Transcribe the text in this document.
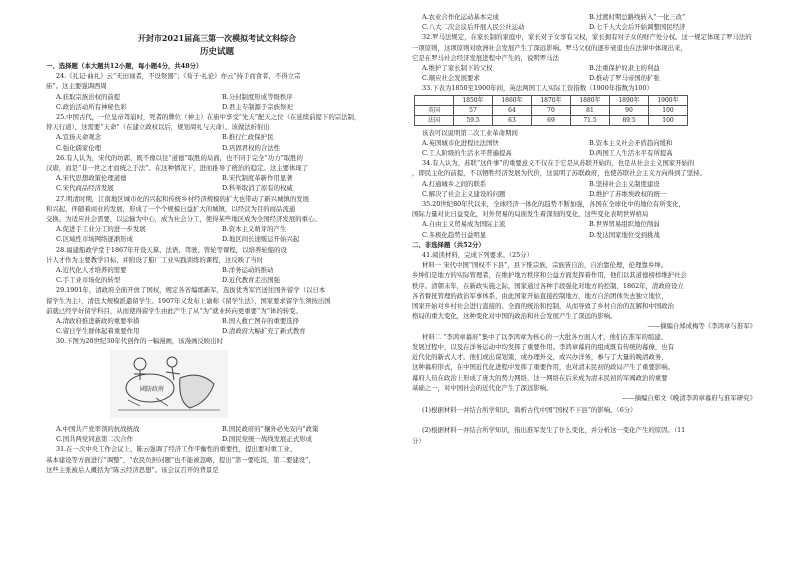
开封市2021届高三第一次模拟考试文科综合

历史试题

一、选择题（本大题共12小题，每小题4分，共48分）

24.《礼记·曲礼》云“无田禄者，不设祭器”；《荀子·礼论》亦云“持手而食者，不得立宗

庙”。这主要强调西周

A.获取宗族治权的前提	B.分封制度形成等级秩序
C.政治活动所有神秘色彩	D.君主专制源于宗族祭祀

25.中国古代，一位皇帝驾崩时，死者的牌位（神主）在庙中享受“先天”配天之位（在延续前提下的宗法制，

替天行道），这需要“天命”（在建立政权以后，规划周礼与天命），该做法折射出

A.宣扬天命观念	B.推行仁政保护民
C.强化儒家伦理	D.巩固君权的合法性

26.有人认为，宋代的坊郭，既不像以往“道德”取胜的局面，也不同于完全“功力”取胜的

汉唐，而是“非一世之才而统之于法”。在这种情况下，进而推导了统治的稳定。这主要体现了

A.宋代思想政策伦理道德	B.宋代制度革新作用显著
C.宋代商品经济发展	D.科举取消了原有的权威

27.明清时期，江南地区城市化的兴起和传统乡村经济规模的扩大也带动了新兴城镇的发展

和兴起，伴随着商业的发展，形成了一个个规模日益扩大的城镇，以经营为目的商品流通

交换。为适应社会需要，以运输为中心，成为社会分工，使得某些地区成为全国经济发展的重心。

A.促进手工业分工的进一步发展	B.资本主义萌芽的产生
C.区域性市场网络逐渐形成	D.地区间长途贩运开始兴起

28.福建船政学堂于1867年开设天算、法语、驾驶、管轮等课程，以培养轮船的设

计人才作为主要教学目标，并附设了船厂工业实践训练的课程，这反映了当时

A.近代化人才培养的需要	B.洋务运动的推动
C.手工业市场化的转型	D.近代教育走出国强

29.1901年，清政府全面开放了国权，规定各省编练新军，选拔优秀军官送往国外留学（以日本

留学生为主），清廷大规模派遣留学生。1907年又发布上谕称《留学生法》，国家要求留学生须按出国

前就已经学好留学科目，从而使得留学生由此产生了从“为”就业转向更重要“为”体的转变。

A.清政府推进新政的重要举措	B.国人救亡图存的重要选择
C.留日学生群体起着重要作用	D.清政府大幅扩充了新式教育

30.下图为20世纪30年代创作的一幅漫画，该漫画反映出时

國防政府
A.中国共产党率领的抗战统战	B.国民政府的“攘外必先安内”政策
C.国共两党同意第二次合作	D.国民党统一战线发展正式形成

31.在一次中央工作会议上，陈云强调了经济工作平衡性的重要性，提出要对重工业、

基本建设等方面进行“调整”，“农民负担问题”也不能被忽略，提出“第一要吃饭，第二要建设”，

这些主张被后人概括为“陈云经济思想”。该会议召开的背景是

A.农业合作化运动基本完成	B.过渡时期总路线转入“一化三改”
C.八大二次会议后开展人民公社运动	D.七千人大会后开始调整国民经济

32.罗马法规定，在家长制的家庭中，家长对子女享有父权，家长拥有对子女的财产处分权。这一规定体现了罗马法的

一项原则，这项原则对欧洲社会发展产生了深远影响。罗马父权的逐步衰退也在法律中体现出来，

它是在罗马社会经济发展进程中产生的，说明罗马法

A.维护了家长制下的父权	B.注重保护奴隶主的利益
C.顺应社会发展要求	D.推动了罗马帝国的扩张

33.下表为1850至1900年间，英法两国工人实际工资指数（1900年指数为100）

	1850年	1860年	1870年	1880年	1890年	1900年
英国	57	64	70	81	90	100
法国	59.5	63	69	71.5	89.5	100

该表可以说明第二次工业革命期间

A.英国城市化进程比法国快	B.资本主义社会矛盾趋向缓和
C.工人阶级的生活水平普遍提高	D.两国工人生活水平有所提高

34.有人认为，苏联“这件事”的重要意义不仅在于它是从苏联开始的，也是从社会主义国家开始的

，即民主化的前提，不以牺牲经济发展为代价，这说明了苏联政府，也使苏联社会主义方向得到了坚持。

A.打通城乡之间的联系	B.坚持社会主义制度建设
C.解决了社会主义建设的问题	D.维护了苏维埃政权的统一

35.20世纪80年代以来，全球经济一体化的趋势不断加强，各国在全球化中的地位有所变化，

国际力量对比日益变化，对外贸易的局面发生着深刻的变化，这些变化表明世界格局

A.自由主义贸易成为国际主流	B.世界贸易组织地位削弱
C.多极化趋势日益明显	D.发达国家地位受到挑战

二、非选择题（共52分）

41.阅读材料，完成下列要求。（25分）

材料一 宋代中国“国权不下县”，县下惟宗族，宗族皆自治，自治靠伦理，伦理靠乡绅。

乡绅们是地方的实际管理者，在维护地方秩序和公益方面发挥着作用，他们以其道德榜样维护社会

秩序。清朝末年，在新政实施之际，国家通过各种手段强化对地方的控制，1862年，清政府设立

各省督抚管理的政治军事体系，由此国家开始直接控制地方，地方自治团体失去独立地位，

国家开始对乡村社会进行直接的、全面的统治和控制，从而导致了乡村自治的瓦解和中国政治

格局的重大变化，这种变化对中国的政治和社会发展产生了深远的影响。

——摘编自郑成梅等《李鸿章与淮军》

材料二 “李鸿章幕府”集中了以李鸿章为核心的一大批各方面人才，他们在淮军的组建、

发展过程中，以及在洋务运动中均发挥了重要作用。李鸿章幕府的组成既有传统的幕僚，也有

近代化的新式人才。他们或出谋划策，或办理外交，或兴办洋务，参与了大量的晚清政务，

这种幕府形式，在中国近代化进程中发挥了重要作用，也对清末民初的政局产生了重要影响。

幕府人员在政治上形成了庞大的势力网络，这一网络在后来成为清末民初的军阀政治的重要

基础之一，对中国社会的近代化产生了深远影响。

——摘编自郑文《晚清李鸿章幕府与淮军研究》

(1)根据材料一并结合所学知识，简析古代中国“国权不下县”的影响。（6分）

(2)根据材料一并结合所学知识，指出淮军发生了什么变化，并分析这一变化产生的原因。（11

分）
